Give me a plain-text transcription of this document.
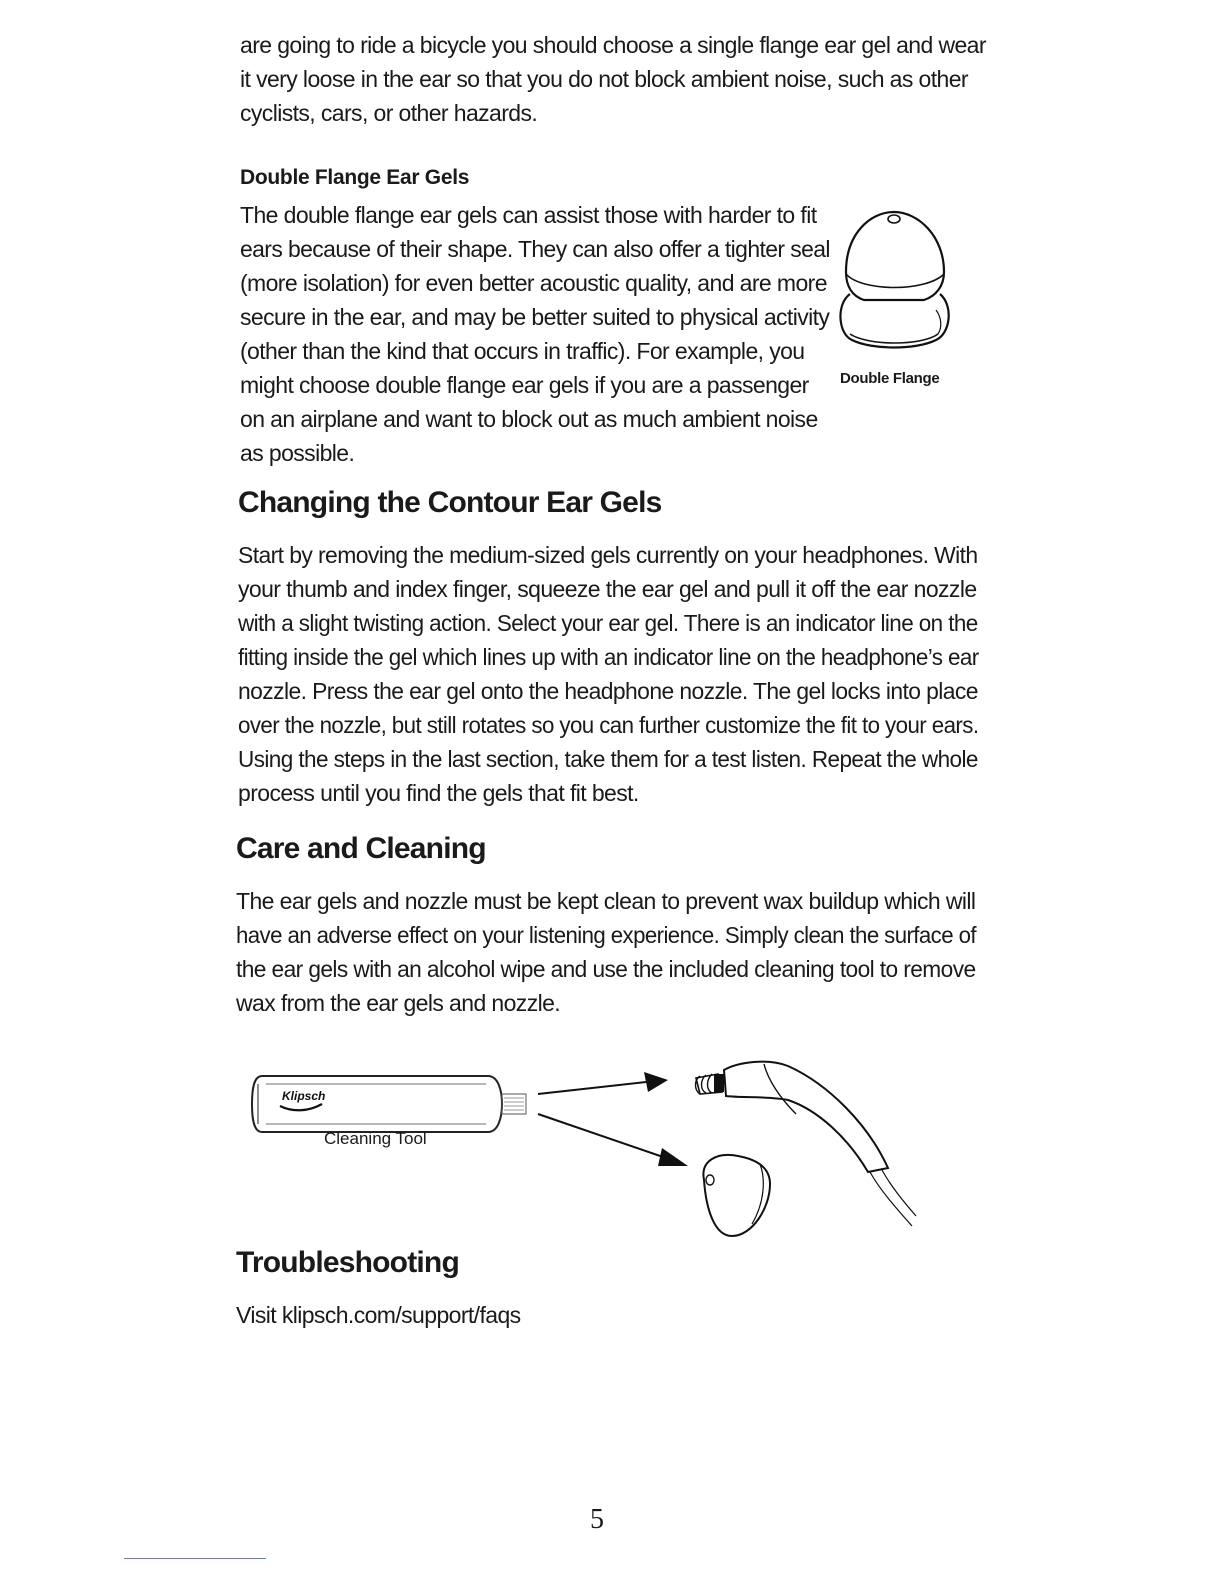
are going to ride a bicycle you should choose a single flange ear gel and wear
it very loose in the ear so that you do not block ambient noise, such as other
cyclists, cars, or other hazards.
Double Flange Ear Gels
The double flange ear gels can assist those with harder to fit
ears because of their shape. They can also offer a tighter seal
(more isolation) for even better acoustic quality, and are more
secure in the ear, and may be better suited to physical activity
(other than the kind that occurs in traffic). For example, you
might choose double flange ear gels if you are a passenger
on an airplane and want to block out as much ambient noise
as possible.

Double Flange

Changing the Contour Ear Gels
Start by removing the medium-sized gels currently on your headphones. With
your thumb and index finger, squeeze the ear gel and pull it off the ear nozzle
with a slight twisting action. Select your ear gel. There is an indicator line on the
fitting inside the gel which lines up with an indicator line on the headphone’s ear
nozzle. Press the ear gel onto the headphone nozzle. The gel locks into place
over the nozzle, but still rotates so you can further customize the fit to your ears.
Using the steps in the last section, take them for a test listen. Repeat the whole
process until you find the gels that fit best.
Care and Cleaning
The ear gels and nozzle must be kept clean to prevent wax buildup which will
have an adverse effect on your listening experience. Simply clean the surface of
the ear gels with an alcohol wipe and use the included cleaning tool to remove
wax from the ear gels and nozzle.
Klipsch
Cleaning Tool
Troubleshooting

Visit klipsch.com/support/faqs

5
